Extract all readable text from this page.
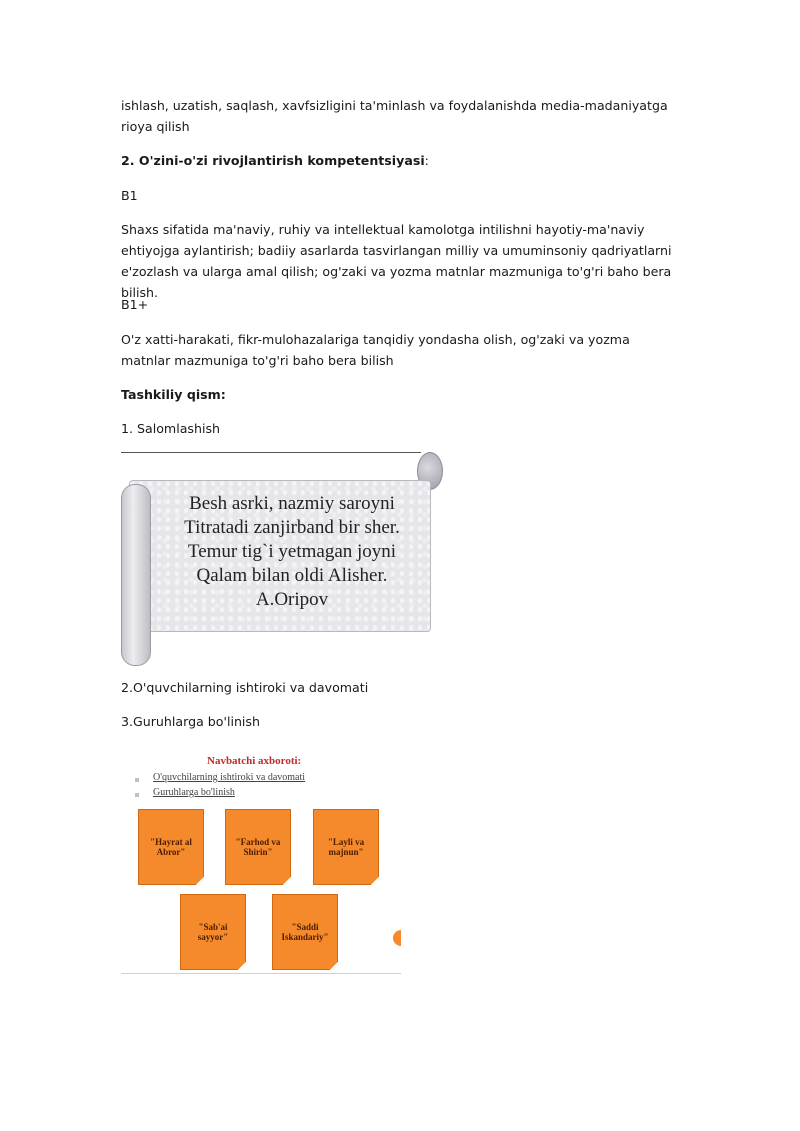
ishlash, uzatish, saqlash, xavfsizligini ta'minlash va foydalanishda media-madaniyatga rioya qilish
2. O'zini-o'zi rivojlantirish kompetentsiyasi:
B1
Shaxs sifatida ma'naviy, ruhiy va intellektual kamolotga intilishni hayotiy-ma'naviy ehtiyojga aylantirish; badiiy asarlarda tasvirlangan milliy va umuminsoniy qadriyatlarni e'zozlash va ularga amal qilish; og'zaki va yozma matnlar mazmuniga to'g'ri baho bera bilish.
B1+
O'z xatti-harakati, fikr-mulohazalariga tanqidiy yondasha olish, og'zaki va yozma matnlar mazmuniga to'g'ri baho bera bilish
Tashkiliy qism:
1. Salomlashish
2.O'quvchilarning ishtiroki va davomati
3.Guruhlarga bo'linish
Besh asrki, nazmiy saroyni
Titratadi zanjirband bir sher.
Temur tig`i yetmagan joyni
Qalam bilan oldi Alisher.
A.Oripov
Navbatchi axboroti:
O'quvchilarning ishtiroki va davomati
Guruhlarga bo'linish
"Hayrat al Abror"
"Farhod va Shirin"
"Layli va majnun"
"Sab'ai sayyor"
"Saddi Iskandariy"
